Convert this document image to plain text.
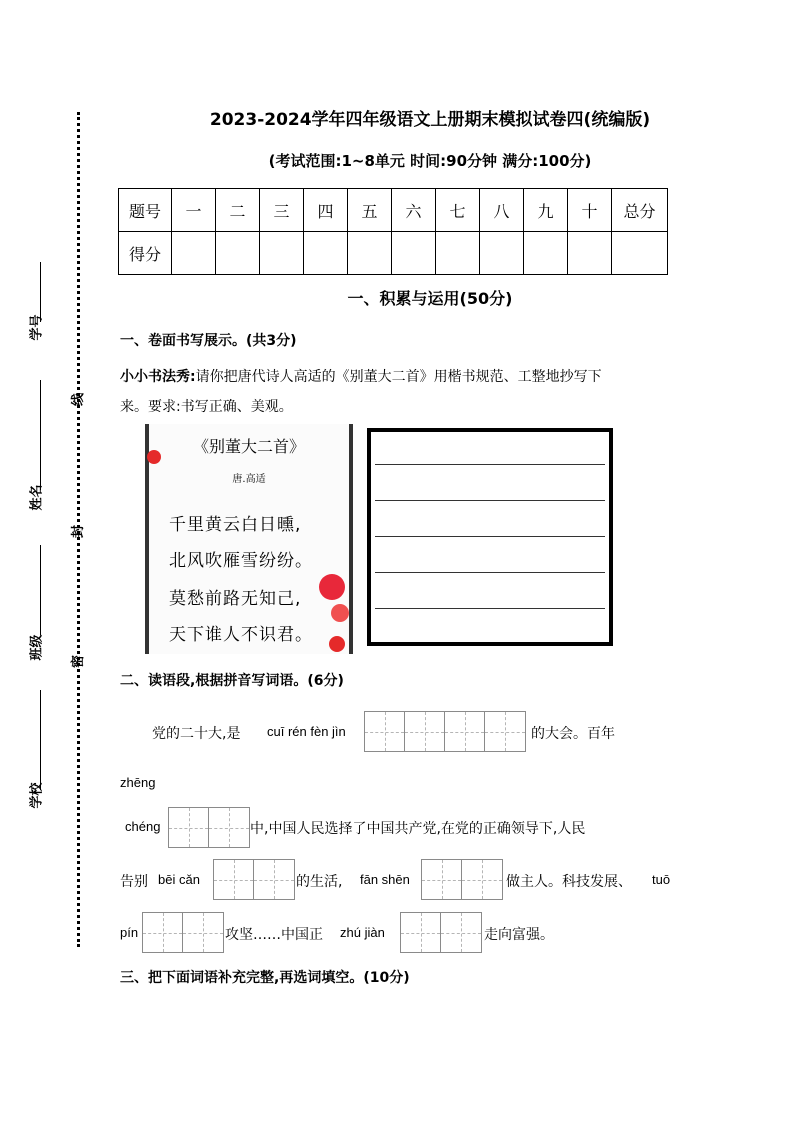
线
封
密
学号
姓名
班级
学校
2023-2024学年四年级语文上册期末模拟试卷四(统编版)
(考试范围:1~8单元 时间:90分钟 满分:100分)
题号	一	二	三	四	五	六	七	八	九	十	总分
得分											
一、积累与运用(50分)
一、卷面书写展示。(共3分)
小小书法秀:请你把唐代诗人高适的《别董大二首》用楷书规范、工整地抄写下
来。要求:书写正确、美观。
《别董大二首》
唐.高适
千里黄云白日曛,
北风吹雁雪纷纷。
莫愁前路无知己,
天下谁人不识君。
二、读语段,根据拼音写词语。(6分)
党的二十大,是 cuī rén fèn jìn	的大会。百年
zhēng
chéng	中,中国人民选择了中国共产党,在党的正确领导下,人民
告别 bēi cǎn	的生活, fān shēn	做主人。科技发展、 tuō
pín	攻坚……中国正 zhú jiàn	走向富强。
三、把下面词语补充完整,再选词填空。(10分)
